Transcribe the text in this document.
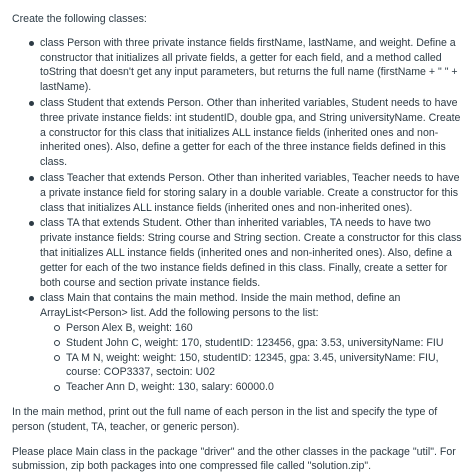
Create the following classes:

class Person with three private instance fields firstName, lastName, and weight. Define a constructor that initializes all private fields, a getter for each field, and a method called toString that doesn't get any input parameters, but returns the full name (firstName + " " + lastName).
class Student that extends Person. Other than inherited variables, Student needs to have three private instance fields: int studentID, double gpa, and String universityName. Create a constructor for this class that initializes ALL instance fields (inherited ones and non-inherited ones). Also, define a getter for each of the three instance fields defined in this class.
class Teacher that extends Person. Other than inherited variables, Teacher needs to have a private instance field for storing salary in a double variable. Create a constructor for this class that initializes ALL instance fields (inherited ones and non-inherited ones).
class TA that extends Student. Other than inherited variables, TA needs to have two private instance fields: String course and String section. Create a constructor for this class that initializes ALL instance fields (inherited ones and non-inherited ones). Also, define a getter for each of the two instance fields defined in this class. Finally, create a setter for both course and section private instance fields.
class Main that contains the main method. Inside the main method, define an ArrayList<Person> list. Add the following persons to the list:
Person Alex B, weight: 160
Student John C, weight: 170, studentID: 123456, gpa: 3.53, universityName: FIU
TA M N, weight: weight: 150, studentID: 12345, gpa: 3.45, universityName: FIU, course: COP3337, sectoin: U02
Teacher Ann D, weight: 130, salary: 60000.0

In the main method, print out the full name of each person in the list and specify the type of person (student, TA, teacher, or generic person).

Please place Main class in the package "driver" and the other classes in the package "util". For submission, zip both packages into one compressed file called "solution.zip".
